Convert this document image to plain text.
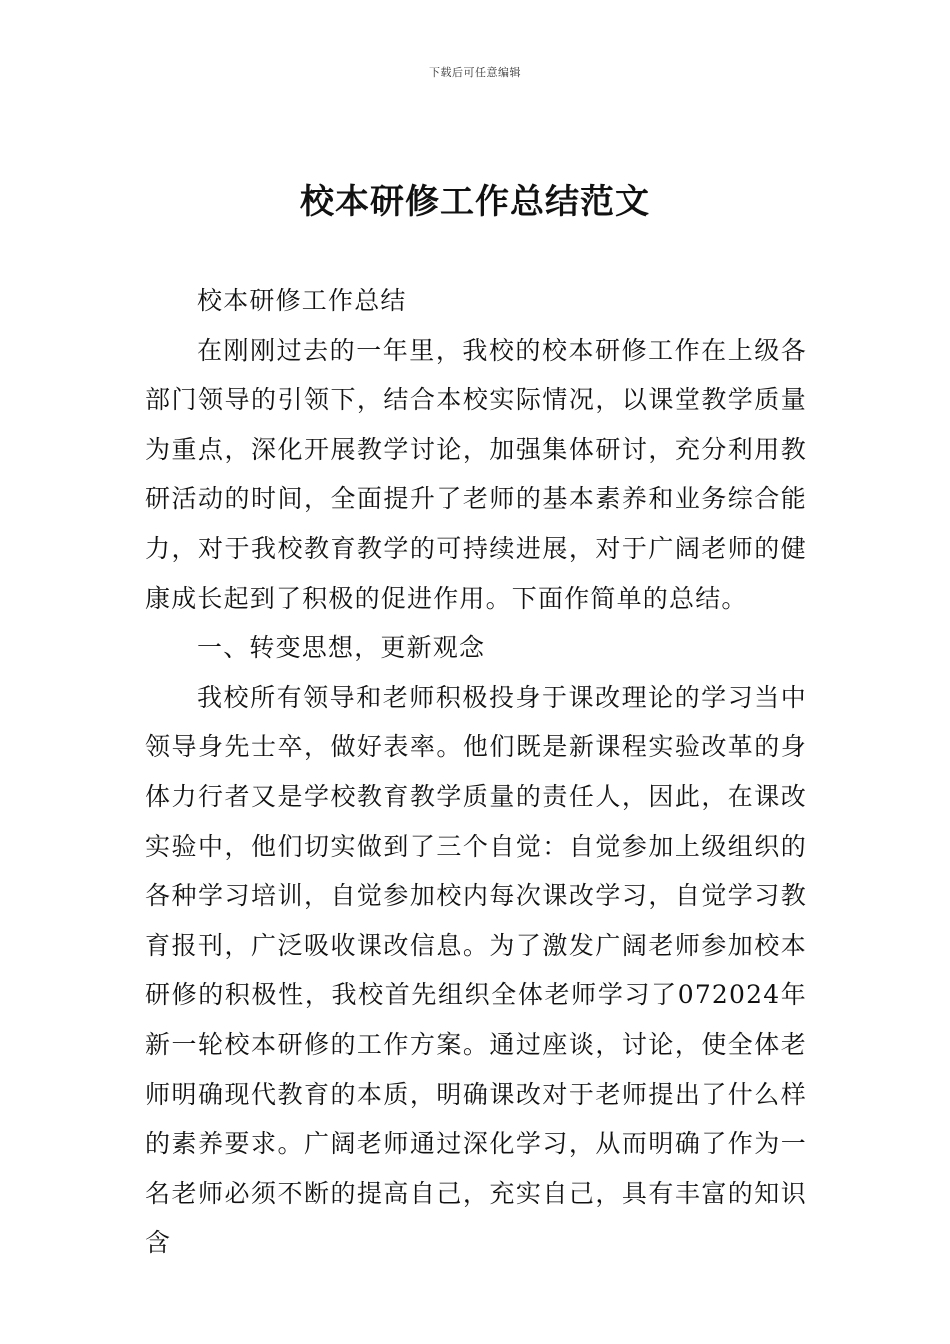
下载后可任意编辑
校本研修工作总结范文

校本研修工作总结

在刚刚过去的一年里，我校的校本研修工作在上级各部门领导的引领下，结合本校实际情况，以课堂教学质量为重点，深化开展教学讨论，加强集体研讨，充分利用教研活动的时间，全面提升了老师的基本素养和业务综合能力，对于我校教育教学的可持续进展，对于广阔老师的健康成长起到了积极的促进作用。下面作简单的总结。

一、转变思想，更新观念

我校所有领导和老师积极投身于课改理论的学习当中领导身先士卒，做好表率。他们既是新课程实验改革的身体力行者又是学校教育教学质量的责任人，因此，在课改实验中，他们切实做到了三个自觉：自觉参加上级组织的各种学习培训，自觉参加校内每次课改学习，自觉学习教育报刊，广泛吸收课改信息。为了激发广阔老师参加校本研修的积极性，我校首先组织全体老师学习了072024年新一轮校本研修的工作方案。通过座谈，讨论，使全体老师明确现代教育的本质，明确课改对于老师提出了什么样的素养要求。广阔老师通过深化学习，从而明确了作为一名老师必须不断的提高自己，充实自己，具有丰富的知识含
